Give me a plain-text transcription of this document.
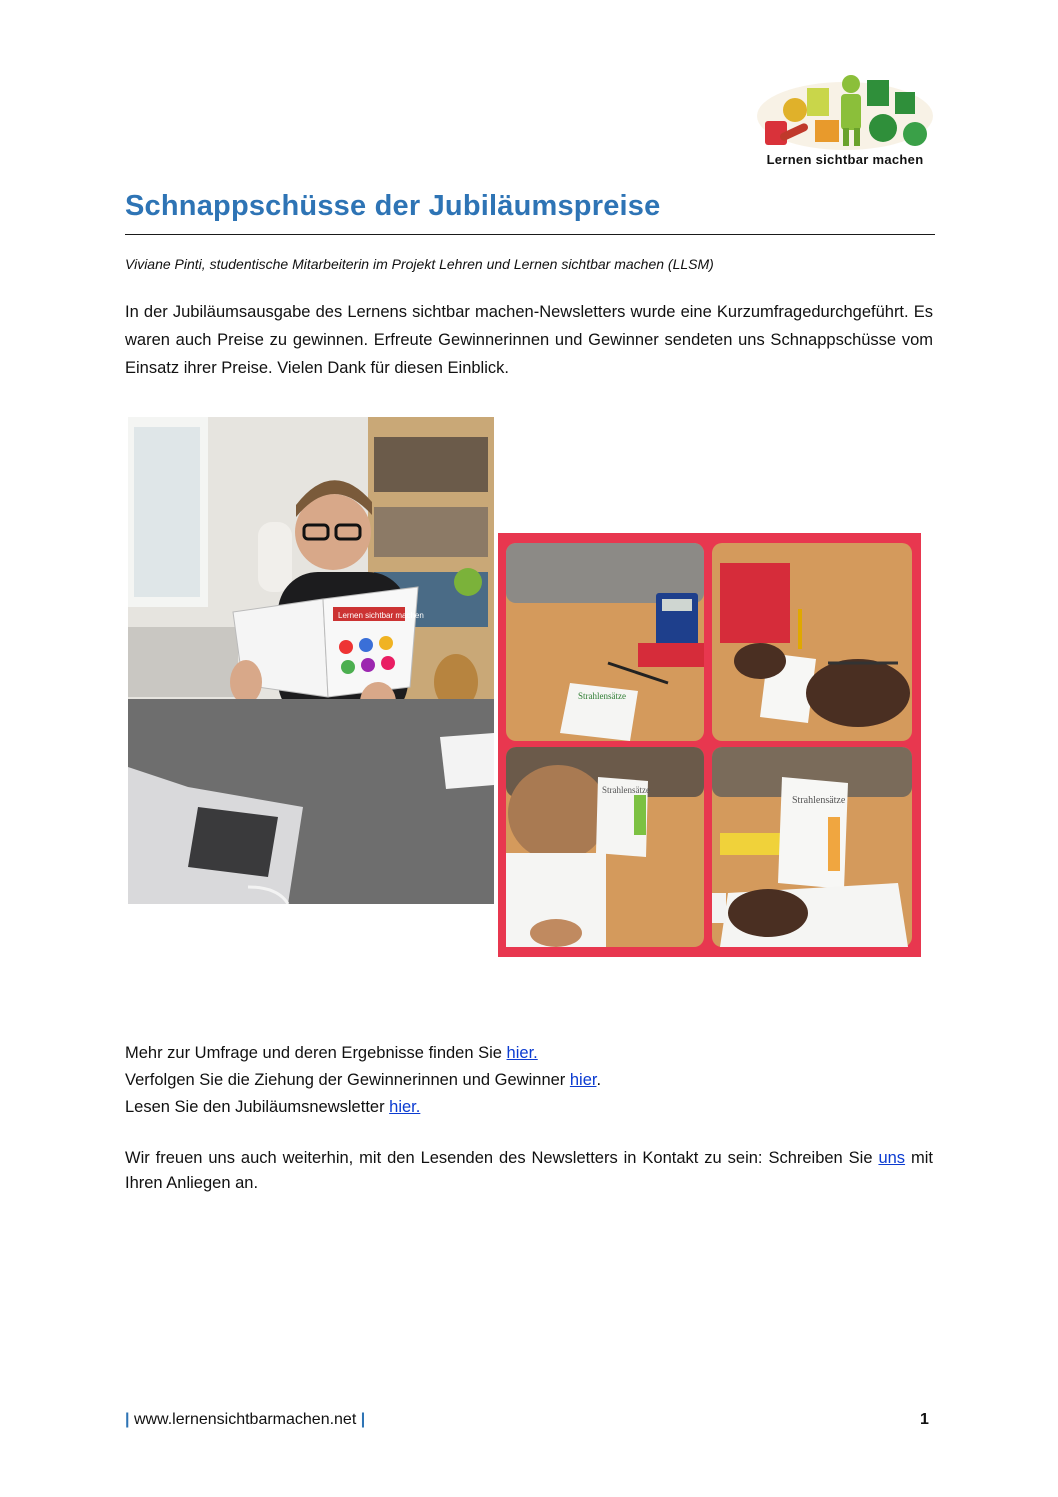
Lernen sichtbar machen
Schnappschüsse der Jubiläumspreise
Viviane Pinti, studentische Mitarbeiterin im Projekt Lehren und Lernen sichtbar machen (LLSM)

In der Jubiläumsausgabe des Lernens sichtbar machen-Newsletters wurde eine Kurzumfragedurchgeführt. Es waren auch Preise zu gewinnen. Erfreute Gewinnerinnen und Gewinner sendeten uns Schnappschüsse vom Einsatz ihrer Preise. Vielen Dank für diesen Einblick.

Lernen sichtbar machen
Strahlensätze
Strahlensätze
Strahlensätze
Mehr zur Umfrage und deren Ergebnisse finden Sie hier.
Verfolgen Sie die Ziehung der Gewinnerinnen und Gewinner hier.
Lesen Sie den Jubiläumsnewsletter hier.

Wir freuen uns auch weiterhin, mit den Lesenden des Newsletters in Kontakt zu sein: Schreiben Sie uns mit Ihren Anliegen an.

| www.lernensichtbarmachen.net |	1
